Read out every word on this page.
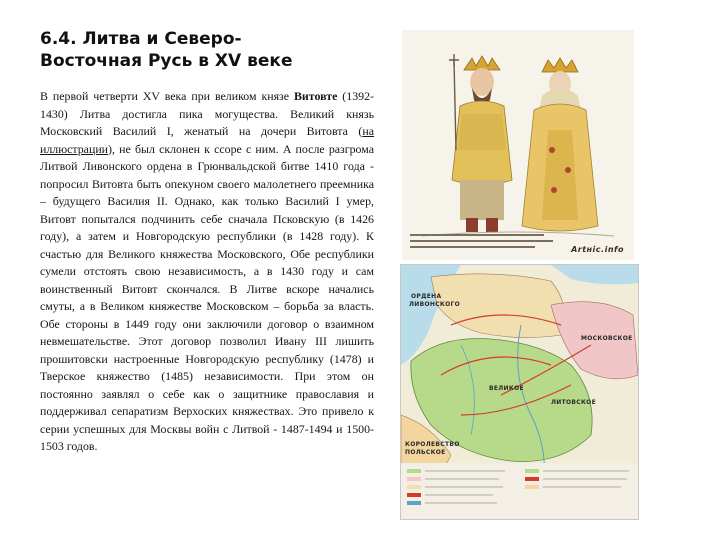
6.4. Литва и Северо-
Восточная Русь в XV веке

В первой четверти XV века при великом князе Витовте (1392-1430) Литва достигла пика могущества. Великий князь Московский Василий I, женатый на дочери Витовта (на иллюстрации), не был склонен к ссоре с ним. А после разгрома Литвой Ливонского ордена в Грюнвальдской битве 1410 года - попросил Витовта быть опекуном своего малолетнего преемника – будущего Василия II. Однако, как только Василий I умер, Витовт попытался подчинить себе сначала Псковскую (в 1426 году), а затем и Новгородскую республики (в 1428 году). К счастью для Великого княжества Московского, Обе республики сумели отстоять свою независимость, а в 1430 году и сам воинственный Витовт скончался. В Литве вскоре начались смуты, а в Великом княжестве Московском – борьба за власть. Обе стороны в 1449 году они заключили договор о взаимном невмешательстве. Этот договор позволил Ивану III лишить прошитовски настроенные Новгородскую республику (1478) и Тверское княжество (1485) независимости. При этом он постоянно заявлял о себе как о защитнике православия и поддерживал сепаратизм Верхоских княжествах. Это привело к серии успешных для Москвы войн с Литвой - 1487-1494 и 1500-1503 годов.

Аrtніс.info
ОРДЕНА
ЛИВОНСКОГО
ВЕЛИКОЕ
ЛИТОВСКОЕ
МОСКОВСКОЕ
КОРОЛЕВСТВО
ПОЛЬСКОЕ
